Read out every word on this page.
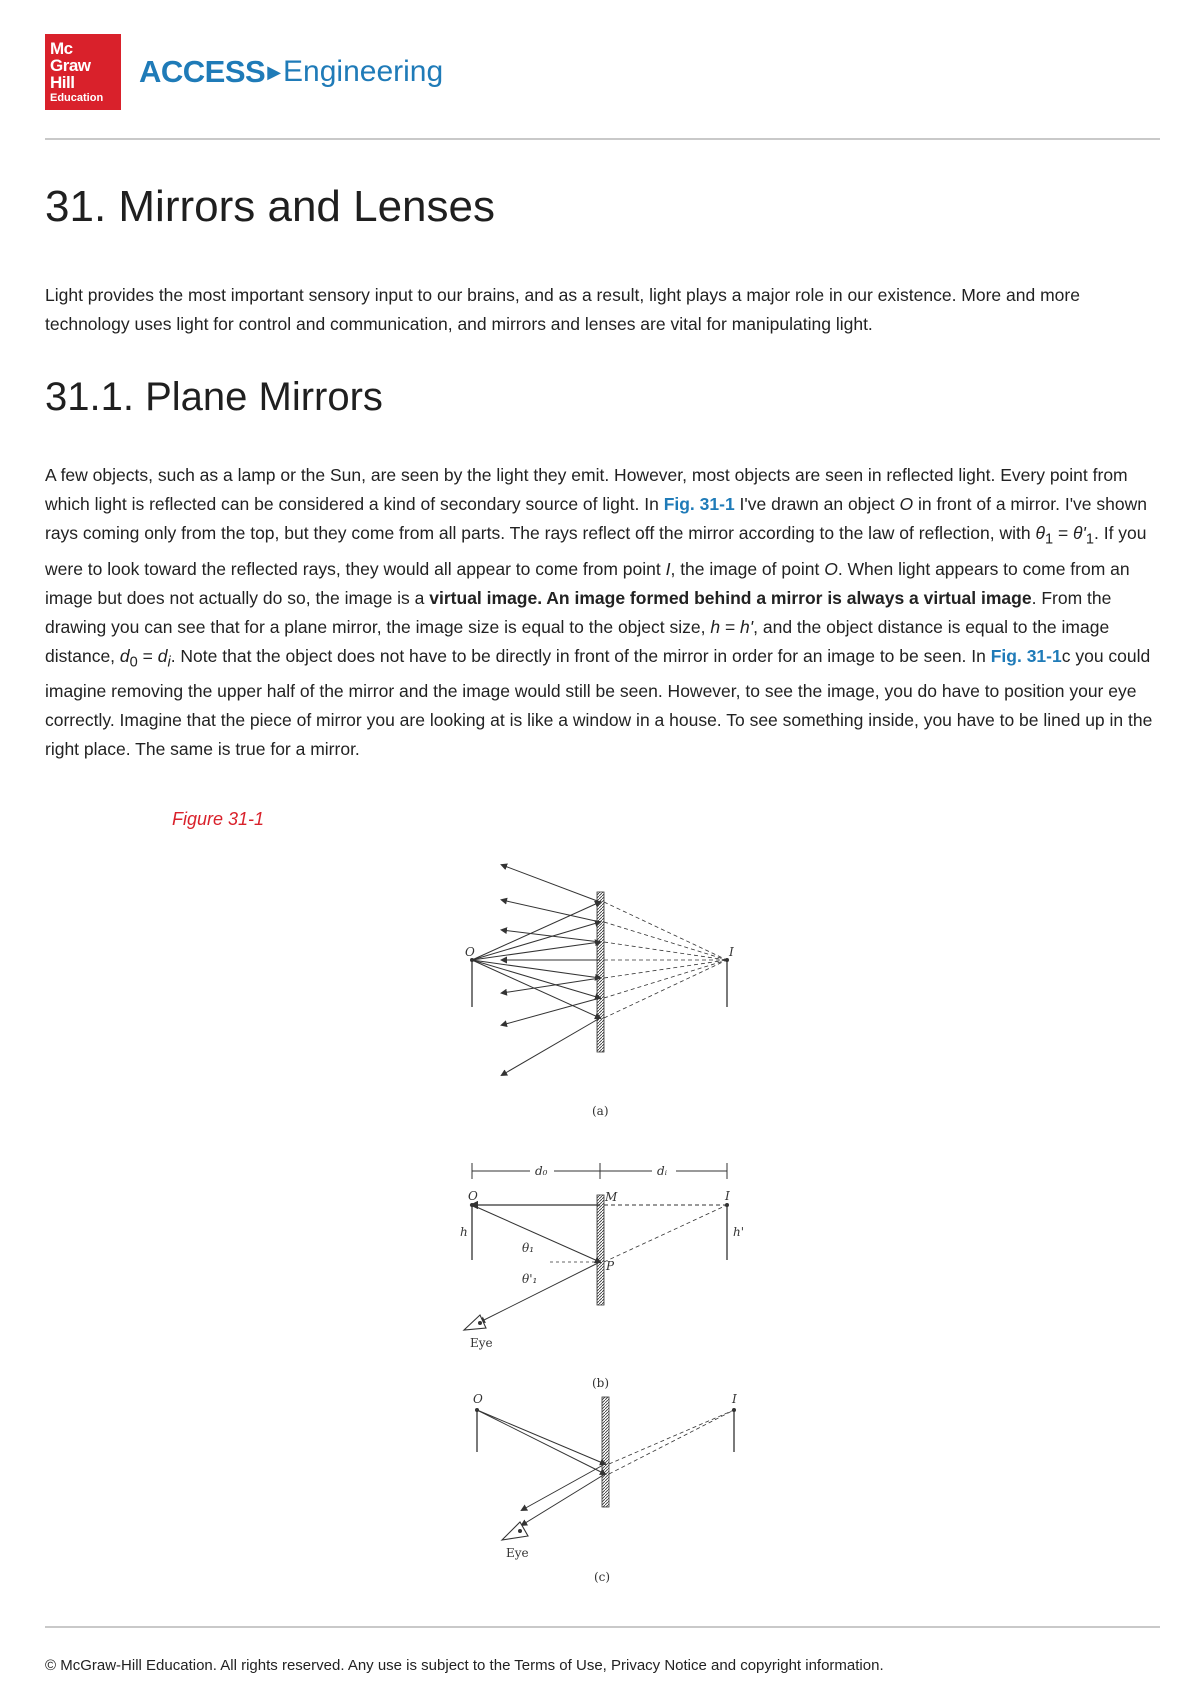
Mc
Graw
Hill
Education
ACCESS ▶ Engineering
31. Mirrors and Lenses

Light provides the most important sensory input to our brains, and as a result, light plays a major role in our existence. More and more technology uses light for control and communication, and mirrors and lenses are vital for manipulating light.

31.1. Plane Mirrors

A few objects, such as a lamp or the Sun, are seen by the light they emit. However, most objects are seen in reflected light. Every point from which light is reflected can be considered a kind of secondary source of light. In Fig. 31-1 I've drawn an object O in front of a mirror. I've shown rays coming only from the top, but they come from all parts. The rays reflect off the mirror according to the law of reflection, with $\theta_1 = \theta'_1$. If you were to look toward the reflected rays, they would all appear to come from point I, the image of point O. When light appears to come from an image but does not actually do so, the image is a virtual image. An image formed behind a mirror is always a virtual image. From the drawing you can see that for a plane mirror, the image size is equal to the object size, h = h', and the object distance is equal to the image distance, $d_0 = d_i$. Note that the object does not have to be directly in front of the mirror in order for an image to be seen. In Fig. 31-1c you could imagine removing the upper half of the mirror and the image would still be seen. However, to see the image, you do have to position your eye correctly. Imagine that the piece of mirror you are looking at is like a window in a house. To see something inside, you have to be lined up in the right place. The same is true for a mirror.

Figure 31-1

O	I
(a)
d₀	dᵢ
O	I
M
P
h	h'
θ₁
θ'₁
Eye
(b)
O	I
Eye
(c)

© McGraw-Hill Education. All rights reserved. Any use is subject to the Terms of Use, Privacy Notice and copyright information.
